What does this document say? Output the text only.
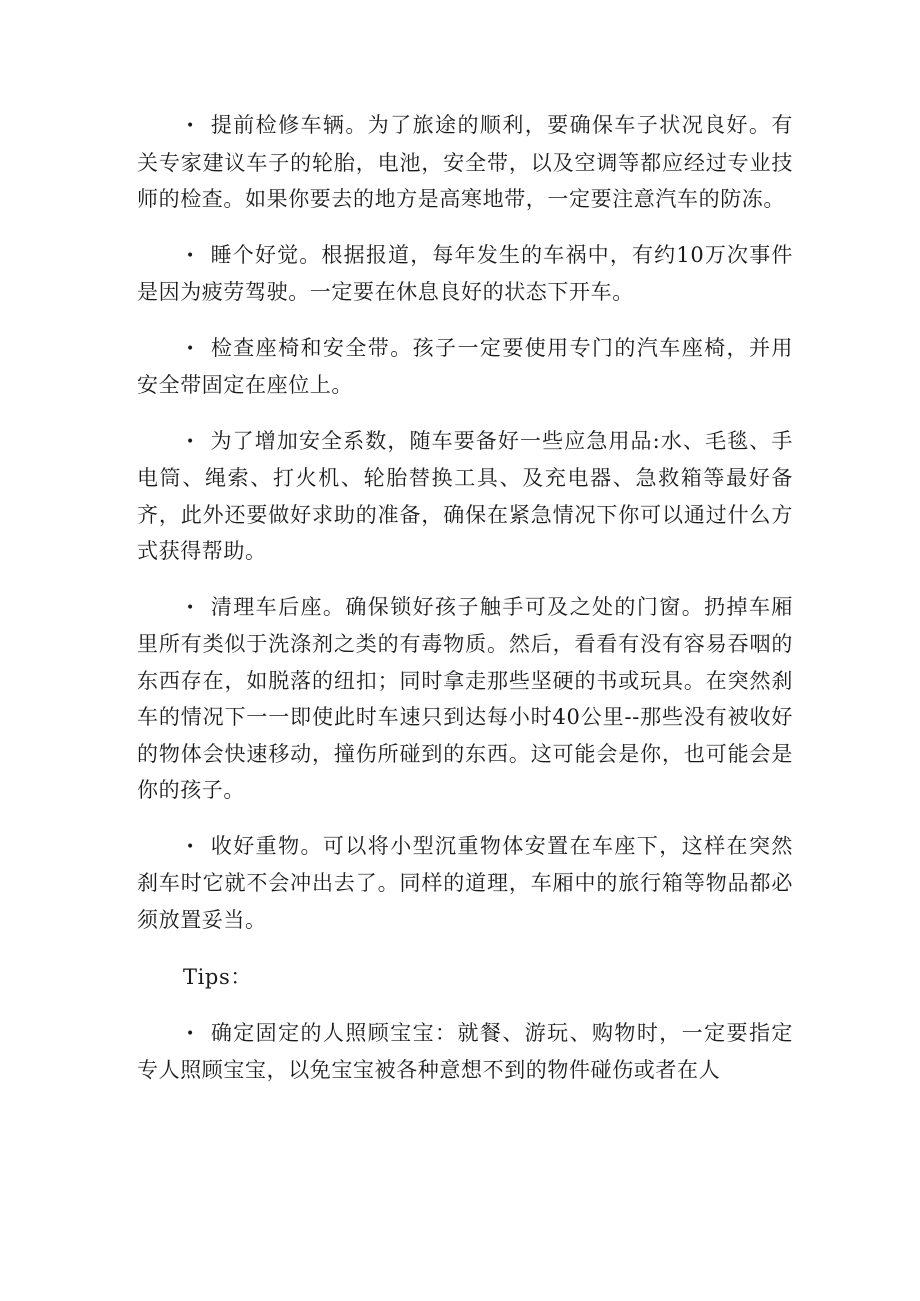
• 提前检修车辆。为了旅途的顺利，要确保车子状况良好。有关专家建议车子的轮胎，电池，安全带，以及空调等都应经过专业技师的检查。如果你要去的地方是高寒地带，一定要注意汽车的防冻。

• 睡个好觉。根据报道，每年发生的车祸中，有约10万次事件是因为疲劳驾驶。一定要在休息良好的状态下开车。

• 检查座椅和安全带。孩子一定要使用专门的汽车座椅，并用安全带固定在座位上。

• 为了增加安全系数，随车要备好一些应急用品:水、毛毯、手电筒、绳索、打火机、轮胎替换工具、及充电器、急救箱等最好备齐，此外还要做好求助的准备，确保在紧急情况下你可以通过什么方式获得帮助。

• 清理车后座。确保锁好孩子触手可及之处的门窗。扔掉车厢里所有类似于洗涤剂之类的有毒物质。然后，看看有没有容易吞咽的东西存在，如脱落的纽扣；同时拿走那些坚硬的书或玩具。在突然刹车的情况下一一即使此时车速只到达每小时40公里--那些没有被收好的物体会快速移动，撞伤所碰到的东西。这可能会是你，也可能会是你的孩子。

• 收好重物。可以将小型沉重物体安置在车座下，这样在突然刹车时它就不会冲出去了。同样的道理，车厢中的旅行箱等物品都必须放置妥当。

Tips：

• 确定固定的人照顾宝宝：就餐、游玩、购物时，一定要指定专人照顾宝宝，以免宝宝被各种意想不到的物件碰伤或者在人
